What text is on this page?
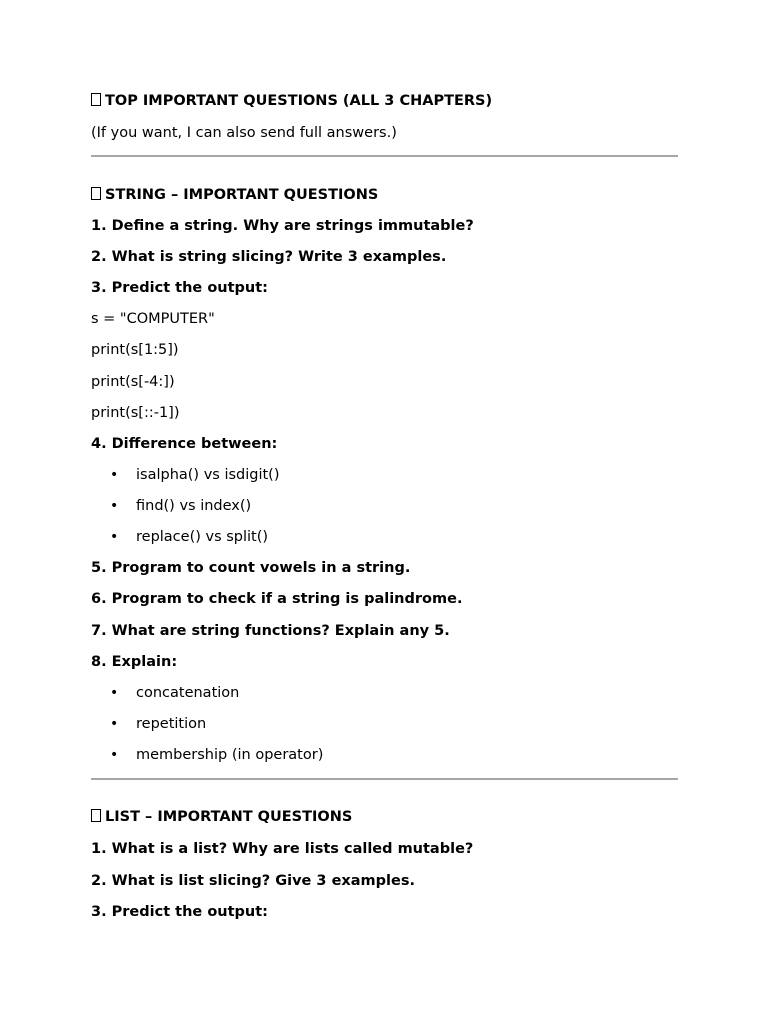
TOP IMPORTANT QUESTIONS (ALL 3 CHAPTERS)
(If you want, I can also send full answers.)
STRING – IMPORTANT QUESTIONS
1. Define a string. Why are strings immutable?
2. What is string slicing? Write 3 examples.
3. Predict the output:
s = "COMPUTER"
print(s[1:5])
print(s[-4:])
print(s[::-1])
4. Difference between:
• isalpha() vs isdigit()
• find() vs index()
• replace() vs split()
5. Program to count vowels in a string.
6. Program to check if a string is palindrome.
7. What are string functions? Explain any 5.
8. Explain:
• concatenation
• repetition
• membership (in operator)
LIST – IMPORTANT QUESTIONS
1. What is a list? Why are lists called mutable?
2. What is list slicing? Give 3 examples.
3. Predict the output:
